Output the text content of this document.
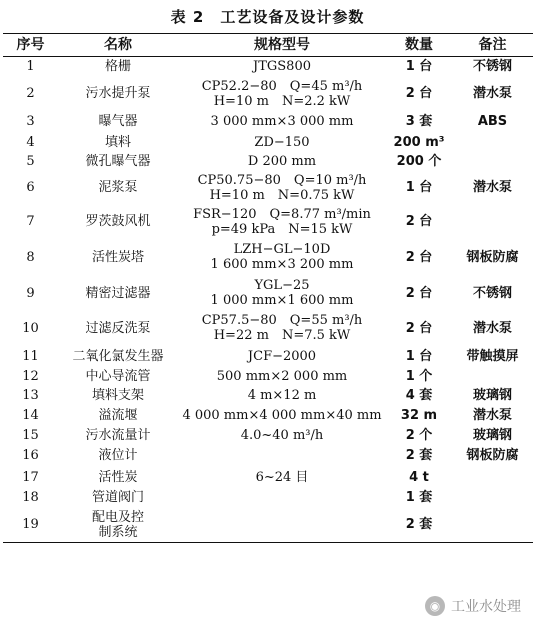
表 2　工艺设备及设计参数
序号	名称	规格型号	数量	备注
1	格栅	JTGS800	1 台	不锈钢
2	污水提升泵	CP52.2−80　Q=45 m³/h
H=10 m　N=2.2 kW	2 台	潜水泵
3	曝气器	3 000 mm×3 000 mm	3 套	ABS
4	填料	ZD−150	200 m³	
5	微孔曝气器	D 200 mm	200 个	
6	泥浆泵	CP50.75−80　Q=10 m³/h
H=10 m　N=0.75 kW	1 台	潜水泵
7	罗茨鼓风机	FSR−120　Q=8.77 m³/min
p=49 kPa　N=15 kW	2 台	
8	活性炭塔	LZH−GL−10D
1 600 mm×3 200 mm	2 台	钢板防腐
9	精密过滤器	YGL−25
1 000 mm×1 600 mm	2 台	不锈钢
10	过滤反洗泵	CP57.5−80　Q=55 m³/h
H=22 m　N=7.5 kW	2 台	潜水泵
11	二氧化氯发生器	JCF−2000	1 台	带触摸屏
12	中心导流管	500 mm×2 000 mm	1 个	
13	填料支架	4 m×12 m	4 套	玻璃钢
14	溢流堰	4 000 mm×4 000 mm×40 mm	32 m	潜水泵
15	污水流量计	4.0~40 m³/h	2 个	玻璃钢
16	液位计		2 套	钢板防腐
17	活性炭	6~24 目	4 t	
18	管道阀门		1 套	
19	配电及控
制系统		2 套	
◉ 工业水处理
